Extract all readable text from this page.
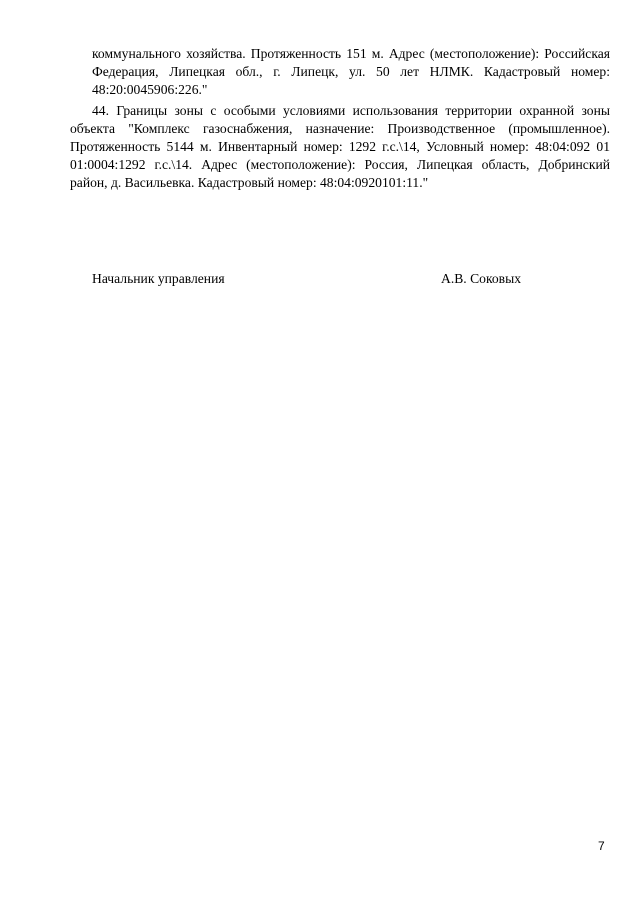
коммунального хозяйства. Протяженность 151 м. Адрес (местоположение): Российская Федерация, Липецкая обл., г. Липецк, ул. 50 лет НЛМК. Кадастровый номер: 48:20:0045906:226."

44. Границы зоны с особыми условиями использования территории охранной зоны объекта "Комплекс газоснабжения, назначение: Производственное (промышленное). Протяженность 5144 м. Инвентарный номер: 1292 г.с.\14, Условный номер: 48:04:092 01 01:0004:1292 г.с.\14. Адрес (местоположение): Россия, Липецкая область, Добринский район, д. Васильевка. Кадастровый номер: 48:04:0920101:11."

Начальник управления	А.В. Соковых
7
